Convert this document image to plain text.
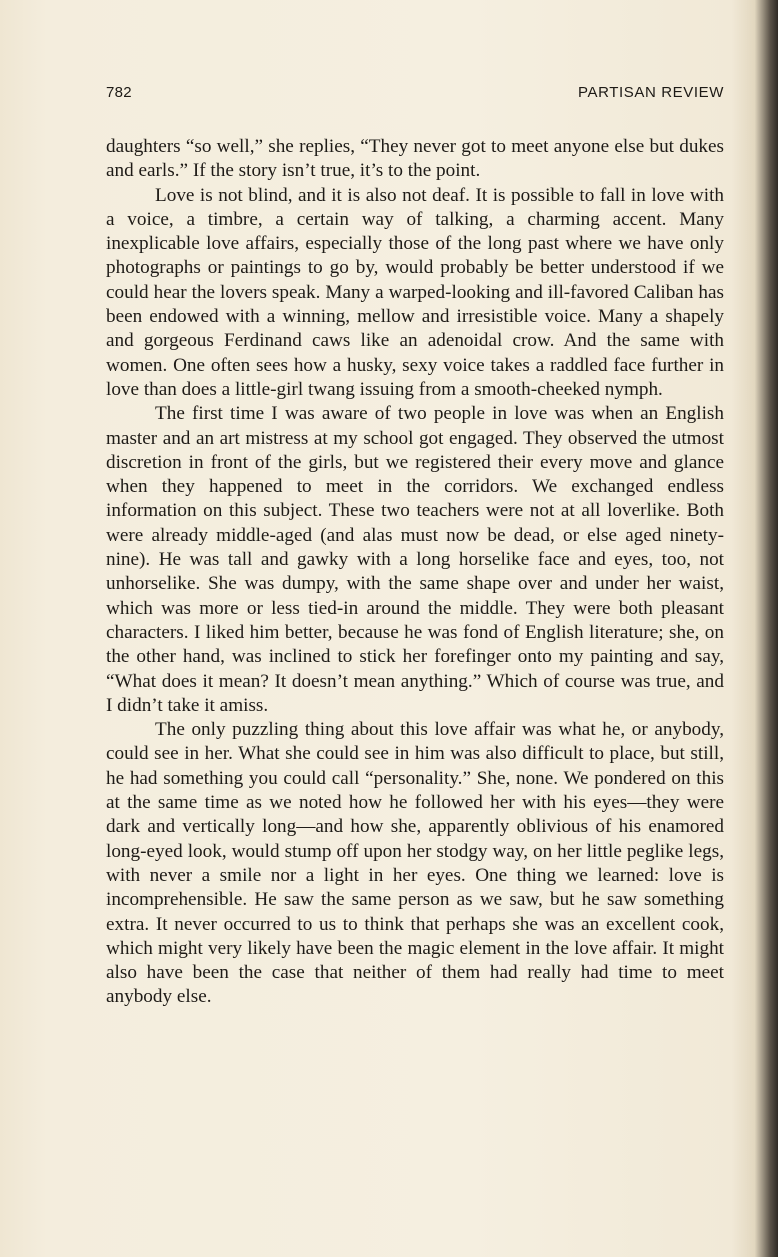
782	PARTISAN REVIEW

daughters “so well,” she replies, “They never got to meet anyone else but dukes and earls.” If the story isn’t true, it’s to the point.

Love is not blind, and it is also not deaf. It is possible to fall in love with a voice, a timbre, a certain way of talking, a charming accent. Many inexplicable love affairs, especially those of the long past where we have only photographs or paintings to go by, would probably be better understood if we could hear the lovers speak. Many a warped-looking and ill-favored Caliban has been endowed with a winning, mellow and irresistible voice. Many a shapely and gorgeous Ferdinand caws like an adenoidal crow. And the same with women. One often sees how a husky, sexy voice takes a raddled face further in love than does a little-girl twang issuing from a smooth-cheeked nymph.

The first time I was aware of two people in love was when an English master and an art mistress at my school got engaged. They observed the utmost discretion in front of the girls, but we registered their every move and glance when they happened to meet in the corridors. We exchanged endless information on this subject. These two teachers were not at all loverlike. Both were already middle-aged (and alas must now be dead, or else aged ninety-nine). He was tall and gawky with a long horselike face and eyes, too, not unhorselike. She was dumpy, with the same shape over and under her waist, which was more or less tied-in around the middle. They were both pleasant characters. I liked him better, because he was fond of English literature; she, on the other hand, was inclined to stick her forefinger onto my painting and say, “What does it mean? It doesn’t mean anything.” Which of course was true, and I didn’t take it amiss.

The only puzzling thing about this love affair was what he, or anybody, could see in her. What she could see in him was also difficult to place, but still, he had something you could call “personality.” She, none. We pondered on this at the same time as we noted how he followed her with his eyes—they were dark and vertically long—and how she, apparently oblivious of his enamored long-eyed look, would stump off upon her stodgy way, on her little peglike legs, with never a smile nor a light in her eyes. One thing we learned: love is incomprehensible. He saw the same person as we saw, but he saw something extra. It never occurred to us to think that perhaps she was an excellent cook, which might very likely have been the magic element in the love affair. It might also have been the case that neither of them had really had time to meet anybody else.
